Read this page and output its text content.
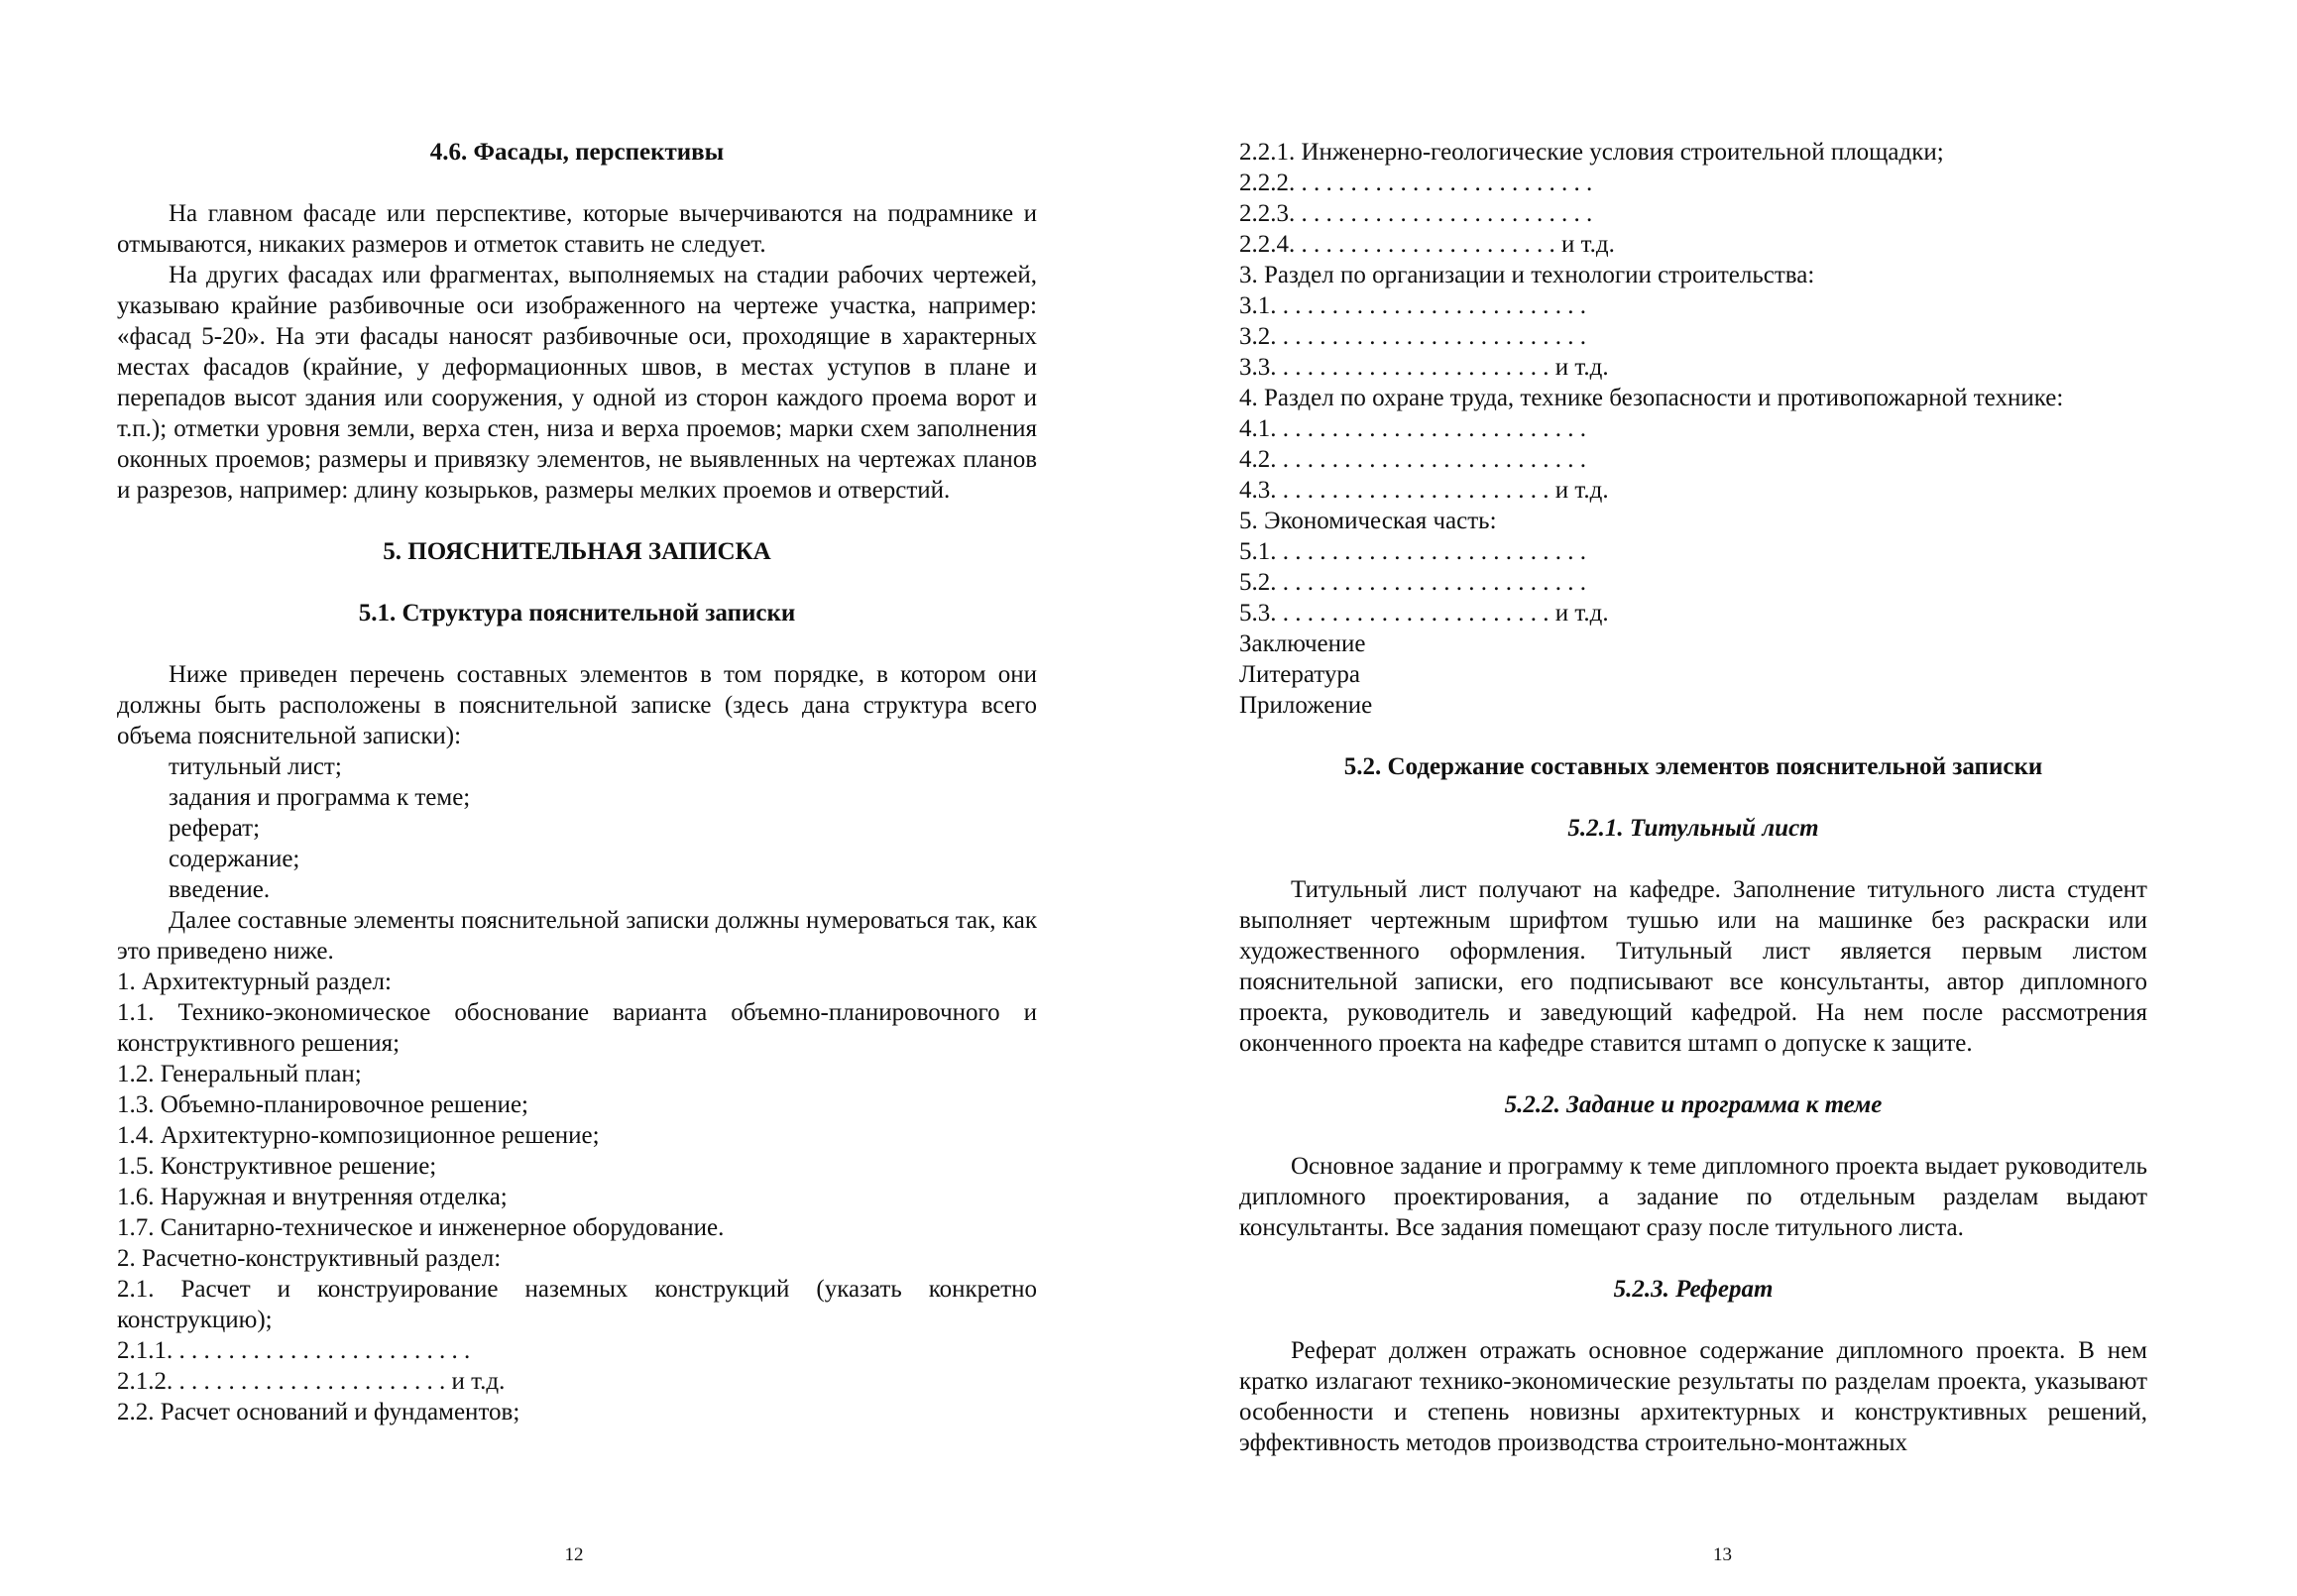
4.6. Фасады, перспективы

На главном фасаде или перспективе, которые вычерчиваются на подрамнике и отмываются, никаких размеров и отметок ставить не следует.

На других фасадах или фрагментах, выполняемых на стадии рабочих чертежей, указываю крайние разбивочные оси изображенного на чертеже участка, например: «фасад 5-20». На эти фасады наносят разбивочные оси, проходящие в характерных местах фасадов (крайние, у деформационных швов, в местах уступов в плане и перепадов высот здания или сооружения, у одной из сторон каждого проема ворот и т.п.); отметки уровня земли, верха стен, низа и верха проемов; марки схем заполнения оконных проемов; размеры и привязку элементов, не выявленных на чертежах планов и разрезов, например: длину козырьков, размеры мелких проемов и отверстий.

5. ПОЯСНИТЕЛЬНАЯ ЗАПИСКА

5.1. Структура пояснительной записки

Ниже приведен перечень составных элементов в том порядке, в котором они должны быть расположены в пояснительной записке (здесь дана структура всего объема пояснительной записки):

титульный лист;

задания и программа к теме;

реферат;

содержание;

введение.

Далее составные элементы пояснительной записки должны нумероваться так, как это приведено ниже.

1. Архитектурный раздел:

1.1. Технико-экономическое обоснование варианта объемно-планировочного и конструктивного решения;

1.2. Генеральный план;

1.3. Объемно-планировочное решение;

1.4. Архитектурно-композиционное решение;

1.5. Конструктивное решение;

1.6. Наружная и внутренняя отделка;

1.7. Санитарно-техническое и инженерное оборудование.

2. Расчетно-конструктивный раздел:

2.1. Расчет и конструирование наземных конструкций (указать конкретно конструкцию);

2.1.1. . . . . . . . . . . . . . . . . . . . . . . . .

2.1.2. . . . . . . . . . . . . . . . . . . . . . . и т.д.

2.2. Расчет оснований и фундаментов;

12

2.2.1. Инженерно-геологические условия строительной площадки;

2.2.2. . . . . . . . . . . . . . . . . . . . . . . . .

2.2.3. . . . . . . . . . . . . . . . . . . . . . . . .

2.2.4. . . . . . . . . . . . . . . . . . . . . . и т.д.

3. Раздел по организации и технологии строительства:

3.1. . . . . . . . . . . . . . . . . . . . . . . . . .

3.2. . . . . . . . . . . . . . . . . . . . . . . . . .

3.3. . . . . . . . . . . . . . . . . . . . . . . и т.д.

4. Раздел по охране труда, технике безопасности и противопожарной технике:

4.1. . . . . . . . . . . . . . . . . . . . . . . . . .

4.2. . . . . . . . . . . . . . . . . . . . . . . . . .

4.3. . . . . . . . . . . . . . . . . . . . . . . и т.д.

5. Экономическая часть:

5.1. . . . . . . . . . . . . . . . . . . . . . . . . .

5.2. . . . . . . . . . . . . . . . . . . . . . . . . .

5.3. . . . . . . . . . . . . . . . . . . . . . . и т.д.

Заключение

Литература

Приложение

5.2. Содержание составных элементов пояснительной записки

5.2.1. Титульный лист

Титульный лист получают на кафедре. Заполнение титульного листа студент выполняет чертежным шрифтом тушью или на машинке без раскраски или художественного оформления. Титульный лист является первым листом пояснительной записки, его подписывают все консультанты, автор дипломного проекта, руководитель и заведующий кафедрой. На нем после рассмотрения оконченного проекта на кафедре ставится штамп о допуске к защите.

5.2.2. Задание и программа к теме

Основное задание и программу к теме дипломного проекта выдает руководитель дипломного проектирования, а задание по отдельным разделам выдают консультанты. Все задания помещают сразу после титульного листа.

5.2.3. Реферат

Реферат должен отражать основное содержание дипломного проекта. В нем кратко излагают технико-экономические результаты по разделам проекта, указывают особенности и степень новизны архитектурных и конструктивных решений, эффективность методов производства строительно-монтажных

13
